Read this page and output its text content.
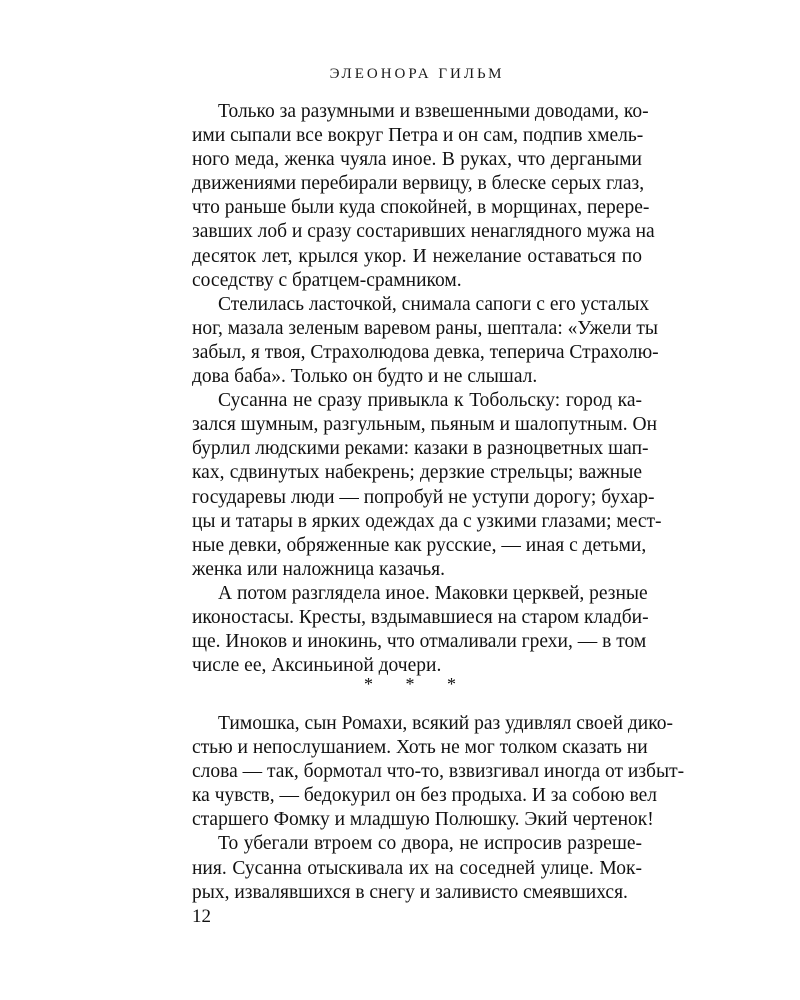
ЭЛЕОНОРА ГИЛЬМ
Только за разумными и взвешенными доводами, ко-
ими сыпали все вокруг Петра и он сам, подпив хмель-
ного меда, женка чуяла иное. В руках, что дергаными
движениями перебирали вервицу, в блеске серых глаз,
что раньше были куда спокойней, в морщинах, перере-
завших лоб и сразу состаривших ненаглядного мужа на
десяток лет, крылся укор. И нежелание оставаться по
соседству с братцем-срамником.
Стелилась ласточкой, снимала сапоги с его усталых
ног, мазала зеленым варевом раны, шептала: «Ужели ты
забыл, я твоя, Страхолюдова девка, теперича Страхолю-
дова баба». Только он будто и не слышал.
Сусанна не сразу привыкла к Тобольску: город ка-
зался шумным, разгульным, пьяным и шалопутным. Он
бурлил людскими реками: казаки в разноцветных шап-
ках, сдвинутых набекрень; дерзкие стрельцы; важные
государевы люди — попробуй не уступи дорогу; бухар-
цы и татары в ярких одеждах да с узкими глазами; мест-
ные девки, обряженные как русские, — иная с детьми,
женка или наложница казачья.
А потом разглядела иное. Маковки церквей, резные
иконостасы. Кресты, вздымавшиеся на старом кладби-
ще. Иноков и инокинь, что отмаливали грехи, — в том
числе ее, Аксиньиной дочери.
* * *
Тимошка, сын Ромахи, всякий раз удивлял своей дико-
стью и непослушанием. Хоть не мог толком сказать ни
слова — так, бормотал что-то, взвизгивал иногда от избыт-
ка чувств, — бедокурил он без продыха. И за собою вел
старшего Фомку и младшую Полюшку. Экий чертенок!
То убегали втроем со двора, не испросив разреше-
ния. Сусанна отыскивала их на соседней улице. Мок-
рых, извалявшихся в снегу и заливисто смеявшихся.
12
